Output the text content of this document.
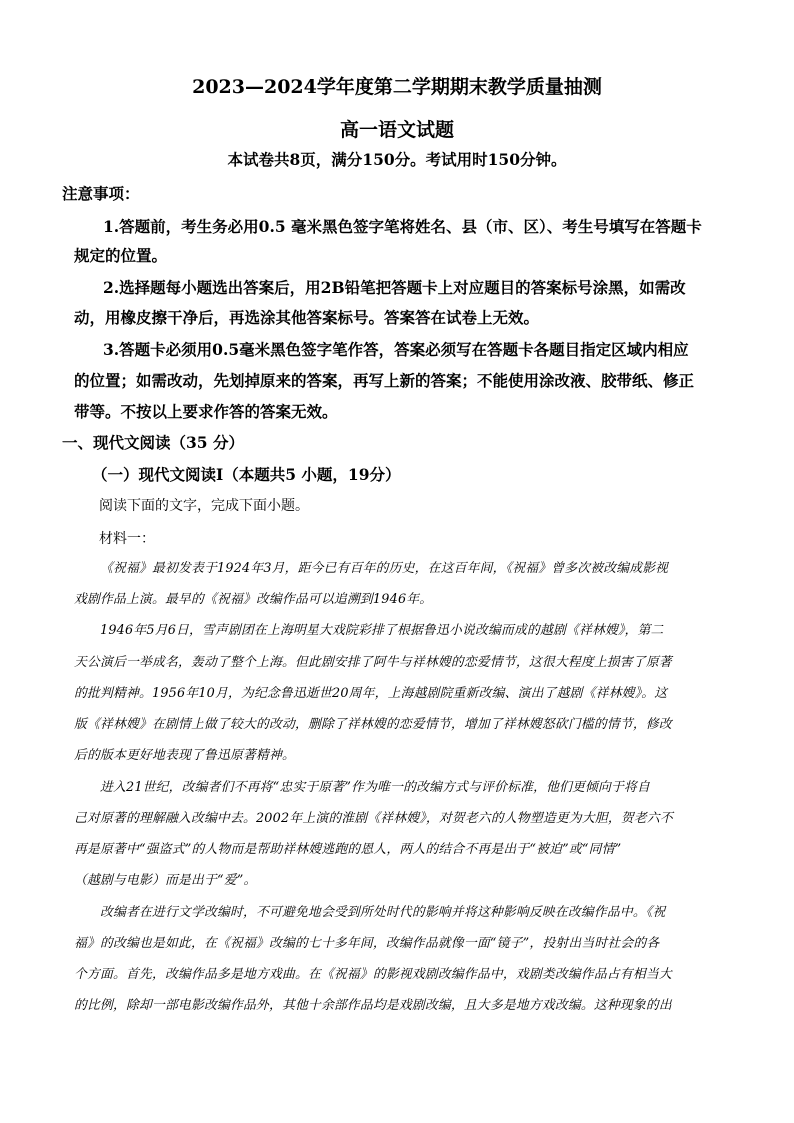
2023—2024学年度第二学期期末教学质量抽测
高一语文试题
本试卷共8页，满分150分。考试用时150分钟。
注意事项：
1.答题前，考生务必用0.5 毫米黑色签字笔将姓名、县（市、区）、考生号填写在答题卡
规定的位置。
2.选择题每小题选出答案后，用2B铅笔把答题卡上对应题目的答案标号涂黑，如需改
动，用橡皮擦干净后，再选涂其他答案标号。答案答在试卷上无效。
3.答题卡必须用0.5毫米黑色签字笔作答，答案必须写在答题卡各题目指定区域内相应
的位置；如需改动，先划掉原来的答案，再写上新的答案；不能使用涂改液、胶带纸、修正
带等。不按以上要求作答的答案无效。
一、现代文阅读（35 分）
（一）现代文阅读Ⅰ（本题共5 小题，19分）
阅读下面的文字，完成下面小题。
材料一：
《祝福》最初发表于1924年3月，距今已有百年的历史，在这百年间，《祝福》曾多次被改编成影视
戏剧作品上演。最早的《祝福》改编作品可以追溯到1946年。
1946年5月6日，雪声剧团在上海明星大戏院彩排了根据鲁迅小说改编而成的越剧《祥林嫂》，第二
天公演后一举成名，轰动了整个上海。但此剧安排了阿牛与祥林嫂的恋爱情节，这很大程度上损害了原著
的批判精神。1956年10月，为纪念鲁迅逝世20周年，上海越剧院重新改编、演出了越剧《祥林嫂》。这
版《祥林嫂》在剧情上做了较大的改动，删除了祥林嫂的恋爱情节，增加了祥林嫂怒砍门槛的情节，修改
后的版本更好地表现了鲁迅原著精神。
进入21世纪，改编者们不再将“忠实于原著”作为唯一的改编方式与评价标准，他们更倾向于将自
己对原著的理解融入改编中去。2002年上演的淮剧《祥林嫂》，对贺老六的人物塑造更为大胆，贺老六不
再是原著中“强盗式”的人物而是帮助祥林嫂逃跑的恩人，两人的结合不再是出于“被迫”或“同情”
（越剧与电影）而是出于“爱”。
改编者在进行文学改编时，不可避免地会受到所处时代的影响并将这种影响反映在改编作品中。《祝
福》的改编也是如此，在《祝福》改编的七十多年间，改编作品就像一面“镜子”，投射出当时社会的各
个方面。首先，改编作品多是地方戏曲。在《祝福》的影视戏剧改编作品中，戏剧类改编作品占有相当大
的比例，除却一部电影改编作品外，其他十余部作品均是戏剧改编，且大多是地方戏改编。这种现象的出
